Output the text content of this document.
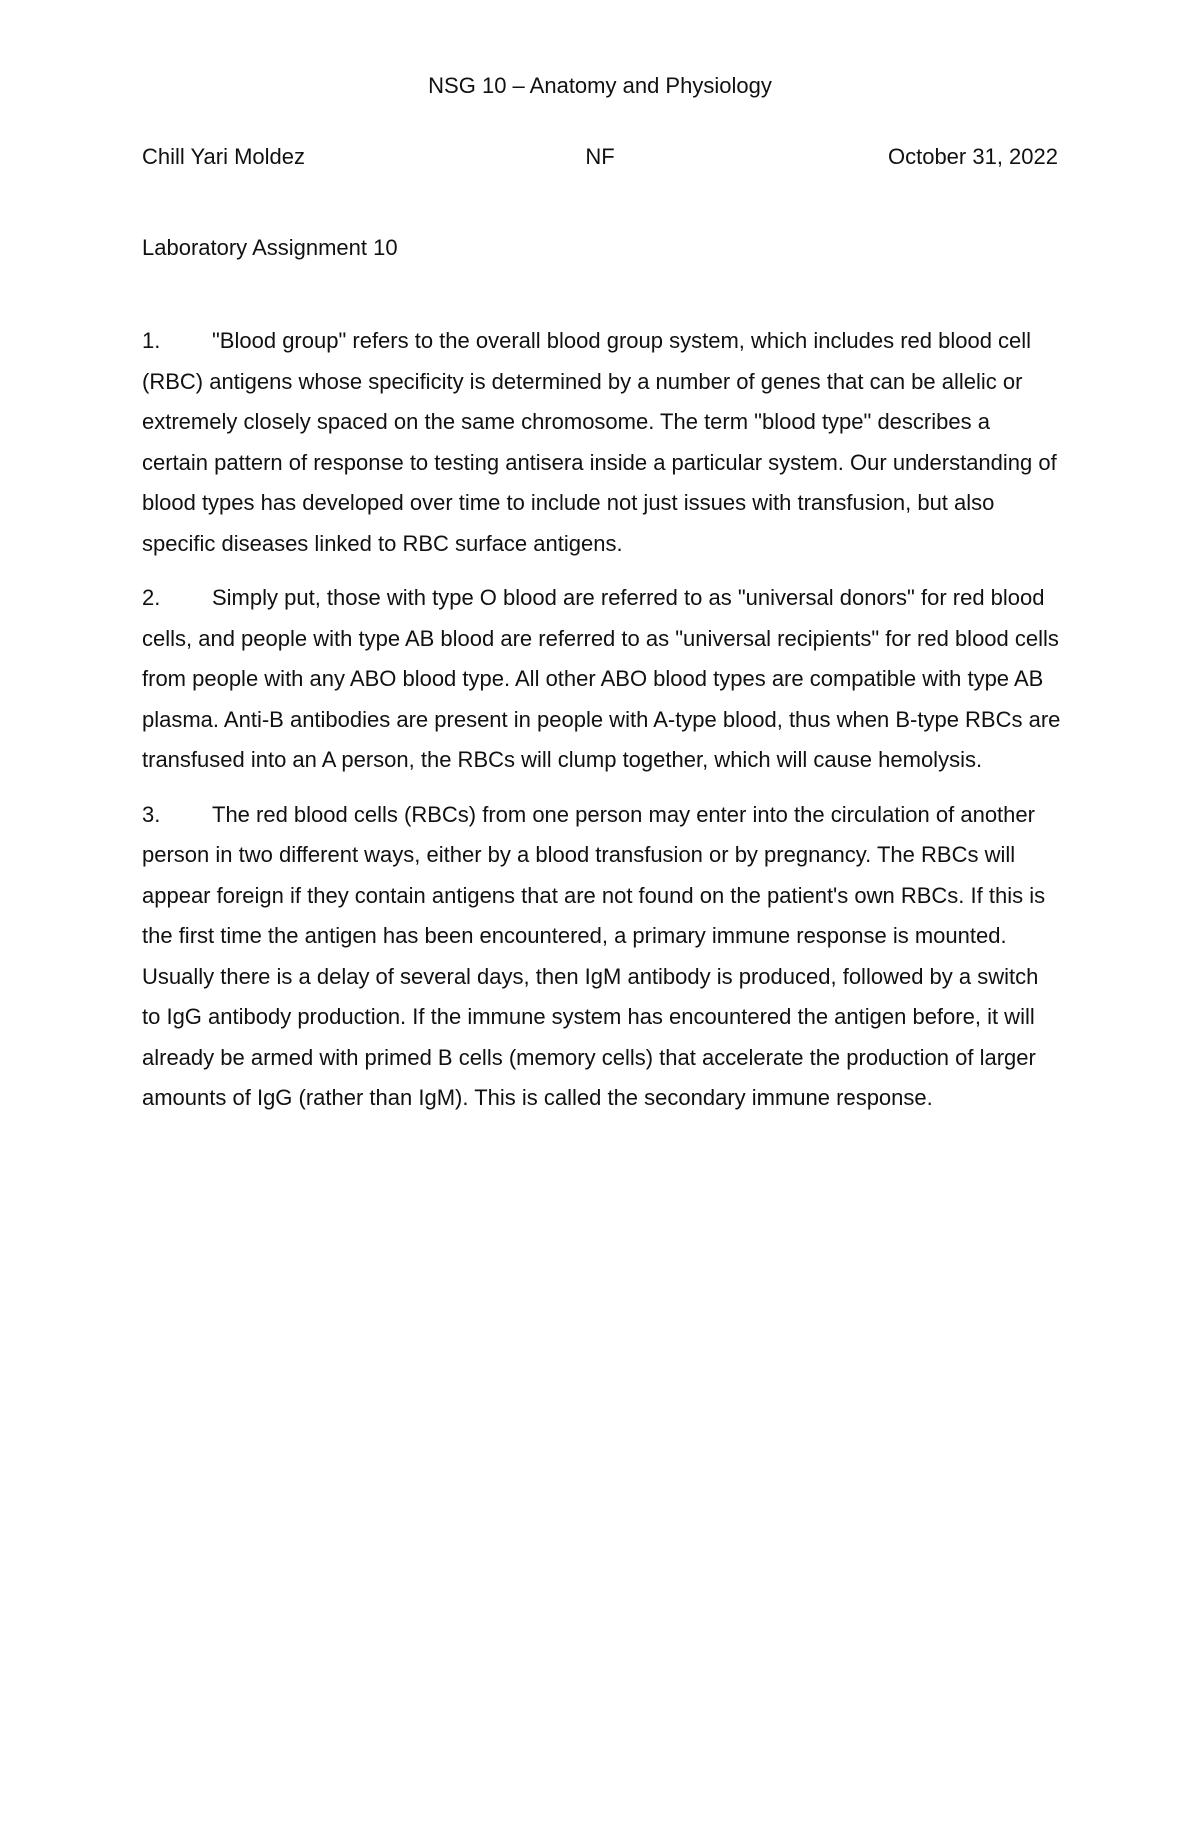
NSG 10 – Anatomy and Physiology
NF
Chill Yari Moldez	October 31, 2022
Laboratory Assignment 10

1. "Blood group" refers to the overall blood group system, which includes red blood cell (RBC) antigens whose specificity is determined by a number of genes that can be allelic or extremely closely spaced on the same chromosome. The term "blood type" describes a certain pattern of response to testing antisera inside a particular system. Our understanding of blood types has developed over time to include not just issues with transfusion, but also specific diseases linked to RBC surface antigens.

2. Simply put, those with type O blood are referred to as "universal donors" for red blood cells, and people with type AB blood are referred to as "universal recipients" for red blood cells from people with any ABO blood type. All other ABO blood types are compatible with type AB plasma. Anti-B antibodies are present in people with A-type blood, thus when B-type RBCs are transfused into an A person, the RBCs will clump together, which will cause hemolysis.

3. The red blood cells (RBCs) from one person may enter into the circulation of another person in two different ways, either by a blood transfusion or by pregnancy. The RBCs will appear foreign if they contain antigens that are not found on the patient's own RBCs. If this is the first time the antigen has been encountered, a primary immune response is mounted. Usually there is a delay of several days, then IgM antibody is produced, followed by a switch to IgG antibody production. If the immune system has encountered the antigen before, it will already be armed with primed B cells (memory cells) that accelerate the production of larger amounts of IgG (rather than IgM). This is called the secondary immune response.
